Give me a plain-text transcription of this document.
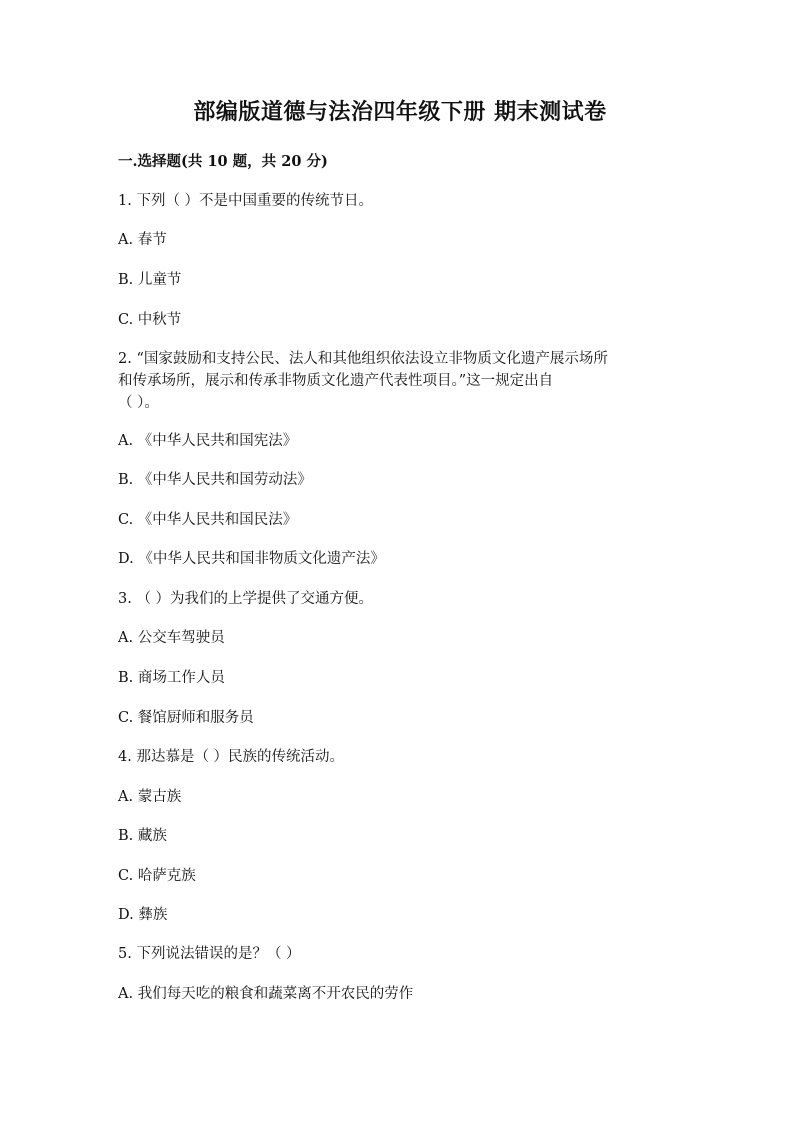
部编版道德与法治四年级下册 期末测试卷
一.选择题(共 10 题，共 20 分)
1. 下列（ ）不是中国重要的传统节日。
A. 春节
B. 儿童节
C. 中秋节
2. “国家鼓励和支持公民、法人和其他组织依法设立非物质文化遗产展示场所
和传承场所，展示和传承非物质文化遗产代表性项目。”这一规定出自
（ ）。
A. 《中华人民共和国宪法》
B. 《中华人民共和国劳动法》
C. 《中华人民共和国民法》
D. 《中华人民共和国非物质文化遗产法》
3. （ ）为我们的上学提供了交通方便。
A. 公交车驾驶员
B. 商场工作人员
C. 餐馆厨师和服务员
4. 那达慕是（ ）民族的传统活动。
A. 蒙古族
B. 藏族
C. 哈萨克族
D. 彝族
5. 下列说法错误的是？（ ）
A. 我们每天吃的粮食和蔬菜离不开农民的劳作
